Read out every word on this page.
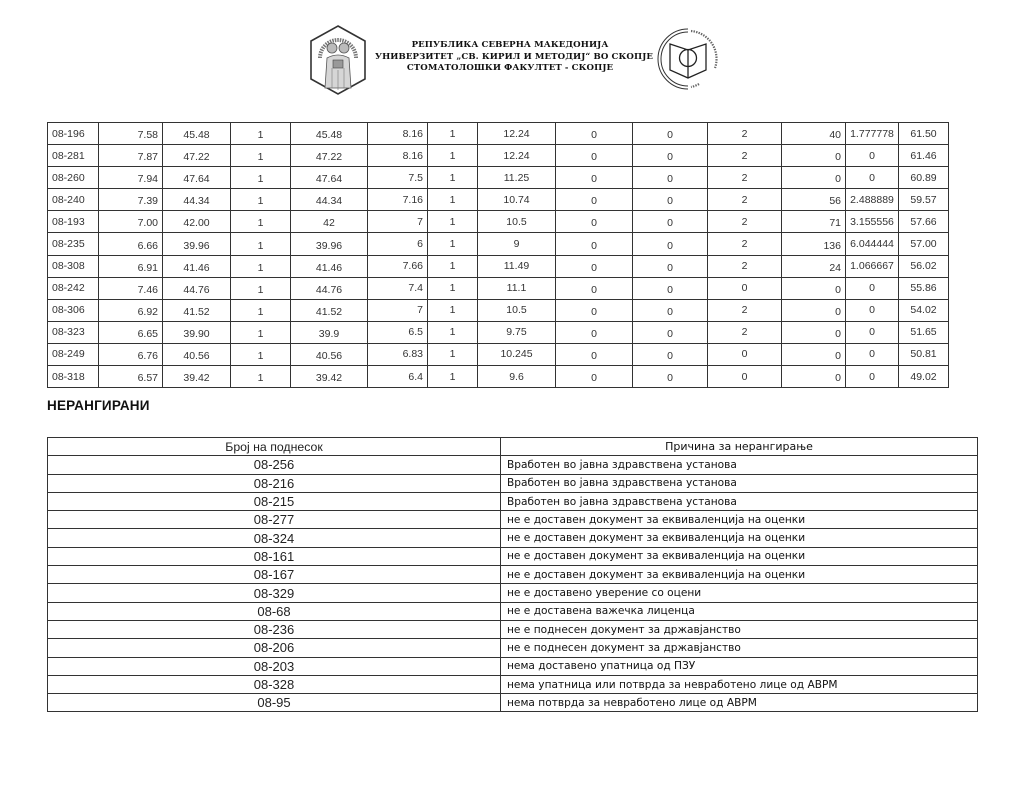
РЕПУБЛИКА СЕВЕРНА МАКЕДОНИЈА
УНИВЕРЗИТЕТ „СВ. КИРИЛ И МЕТОДИЈ“ ВО СКОПЈЕ
СТОМАТОЛОШКИ ФАКУЛТЕТ - СКОПЈЕ
08-196	7.58	45.48	1	45.48	8.16	1	12.24	0	0	2	40	1.777778	61.50
08-281	7.87	47.22	1	47.22	8.16	1	12.24	0	0	2	0	0	61.46
08-260	7.94	47.64	1	47.64	7.5	1	11.25	0	0	2	0	0	60.89
08-240	7.39	44.34	1	44.34	7.16	1	10.74	0	0	2	56	2.488889	59.57
08-193	7.00	42.00	1	42	7	1	10.5	0	0	2	71	3.155556	57.66
08-235	6.66	39.96	1	39.96	6	1	9	0	0	2	136	6.044444	57.00
08-308	6.91	41.46	1	41.46	7.66	1	11.49	0	0	2	24	1.066667	56.02
08-242	7.46	44.76	1	44.76	7.4	1	11.1	0	0	0	0	0	55.86
08-306	6.92	41.52	1	41.52	7	1	10.5	0	0	2	0	0	54.02
08-323	6.65	39.90	1	39.9	6.5	1	9.75	0	0	2	0	0	51.65
08-249	6.76	40.56	1	40.56	6.83	1	10.245	0	0	0	0	0	50.81
08-318	6.57	39.42	1	39.42	6.4	1	9.6	0	0	0	0	0	49.02
НЕРАНГИРАНИ
Број на поднесок	Причина за нерангирање
08-256	Вработен во јавна здравствена установа
08-216	Вработен во јавна здравствена установа
08-215	Вработен во јавна здравствена установа
08-277	не е доставен документ за еквиваленција на оценки
08-324	не е доставен документ за еквиваленција на оценки
08-161	не е доставен документ за еквиваленција на оценки
08-167	не е доставен документ за еквиваленција на оценки
08-329	не е доставено уверение со оцени
08-68	не е доставена важечка лиценца
08-236	не е поднесен документ за државјанство
08-206	не е поднесен документ за државјанство
08-203	нема доставено упатница од ПЗУ
08-328	нема упатница или потврда за невработено лице од АВРМ
08-95	нема потврда за невработено лице од АВРМ
